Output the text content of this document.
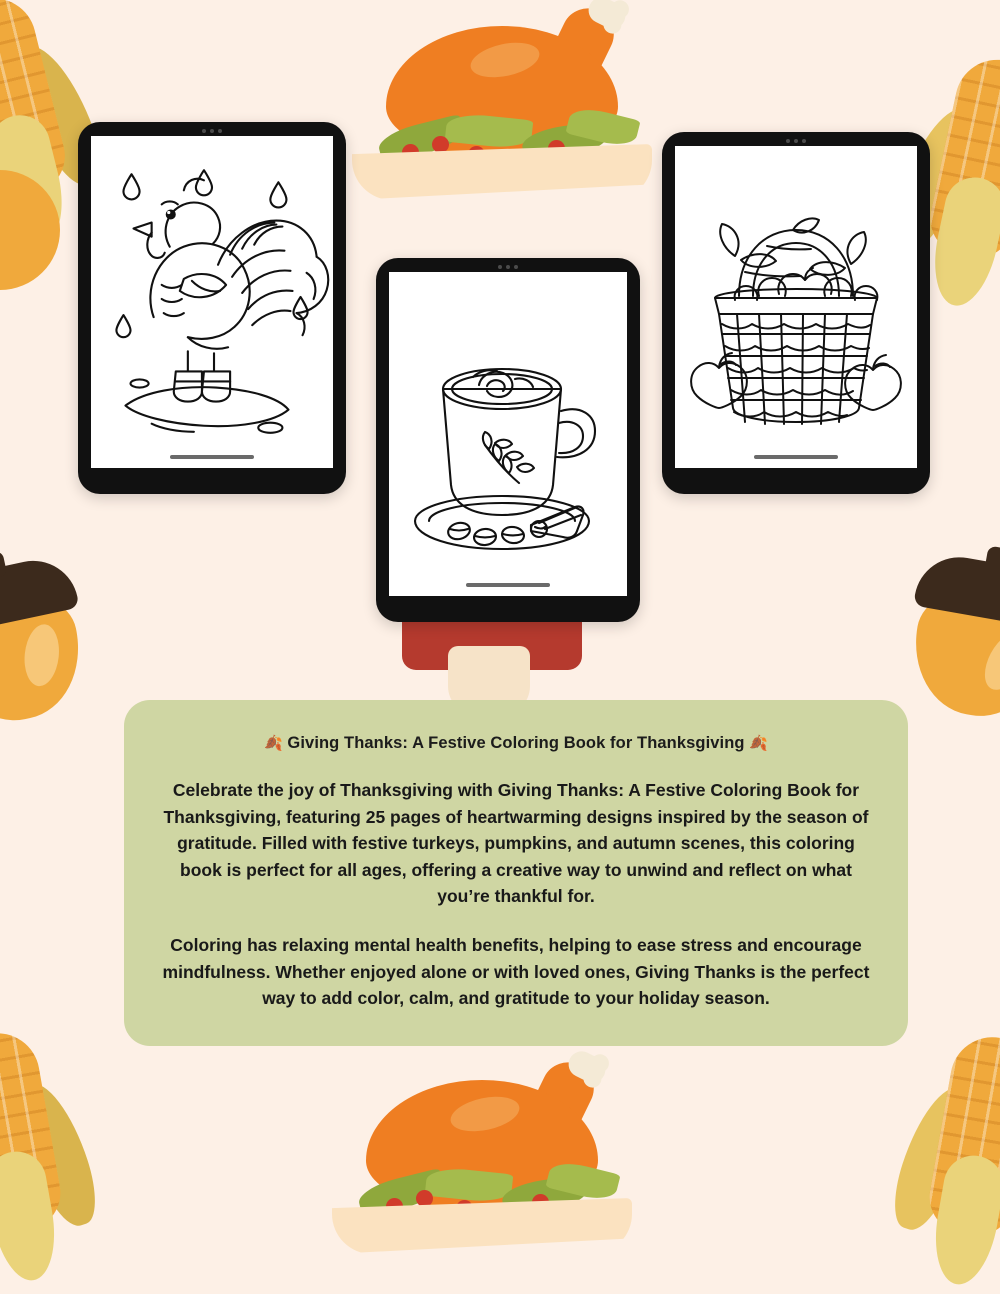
🍂 Giving Thanks: A Festive Coloring Book for Thanksgiving 🍂

Celebrate the joy of Thanksgiving with Giving Thanks: A Festive Coloring Book for Thanksgiving, featuring 25 pages of heartwarming designs inspired by the season of gratitude. Filled with festive turkeys, pumpkins, and autumn scenes, this coloring book is perfect for all ages, offering a creative way to unwind and reflect on what you’re thankful for.

Coloring has relaxing mental health benefits, helping to ease stress and encourage mindfulness. Whether enjoyed alone or with loved ones, Giving Thanks is the perfect way to add color, calm, and gratitude to your holiday season.
